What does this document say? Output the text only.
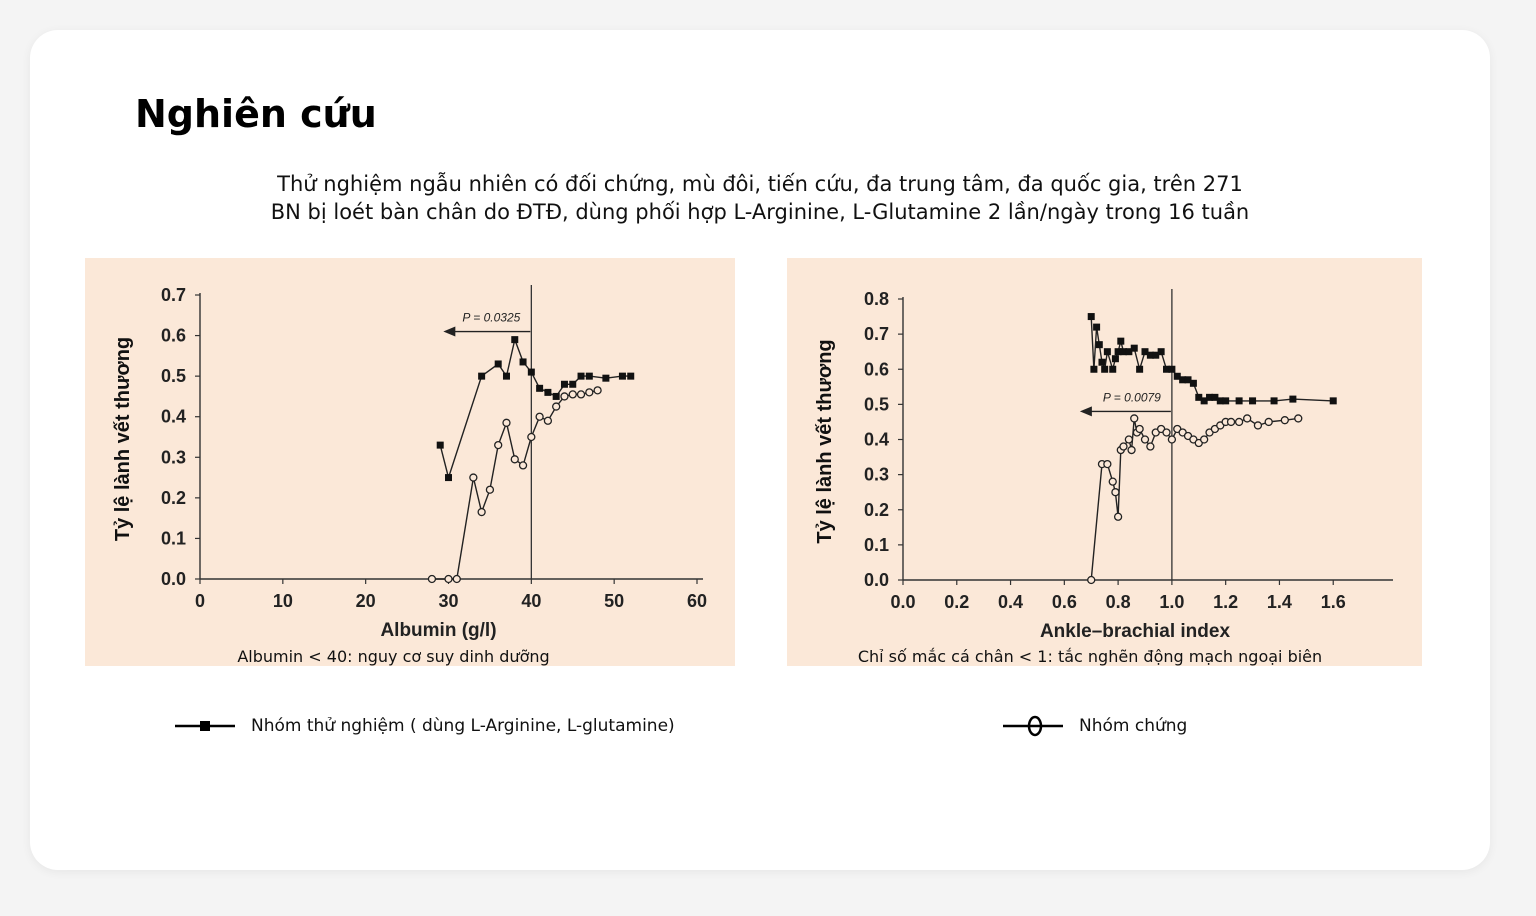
Nghiên cứu
Thử nghiệm ngẫu nhiên có đối chứng, mù đôi, tiến cứu, đa trung tâm, đa quốc gia, trên 271
BN bị loét bàn chân do ĐTĐ, dùng phối hợp L-Arginine, L-Glutamine 2 lần/ngày trong 16 tuần
0	10	20	30	40	50	60
0.0
0.1
0.2
0.3
0.4
0.5
0.6
0.7
Albumin (g/l)
Tỷ lệ lành vết thương
Albumin < 40: nguy cơ suy dinh dưỡng
P = 0.0325
0.0 0.2 0.4 0.6 0.8 1.0 1.2 1.4 1.6
0.0
0.1
0.2
0.3
0.4
0.5
0.6
0.7
0.8
Ankle–brachial index
Tỷ lệ lành vết thương
Chỉ số mắc cá chân < 1: tắc nghẽn động mạch ngoại biên
P = 0.0079
Nhóm thử nghiệm ( dùng L-Arginine, L-glutamine)	Nhóm chứng
